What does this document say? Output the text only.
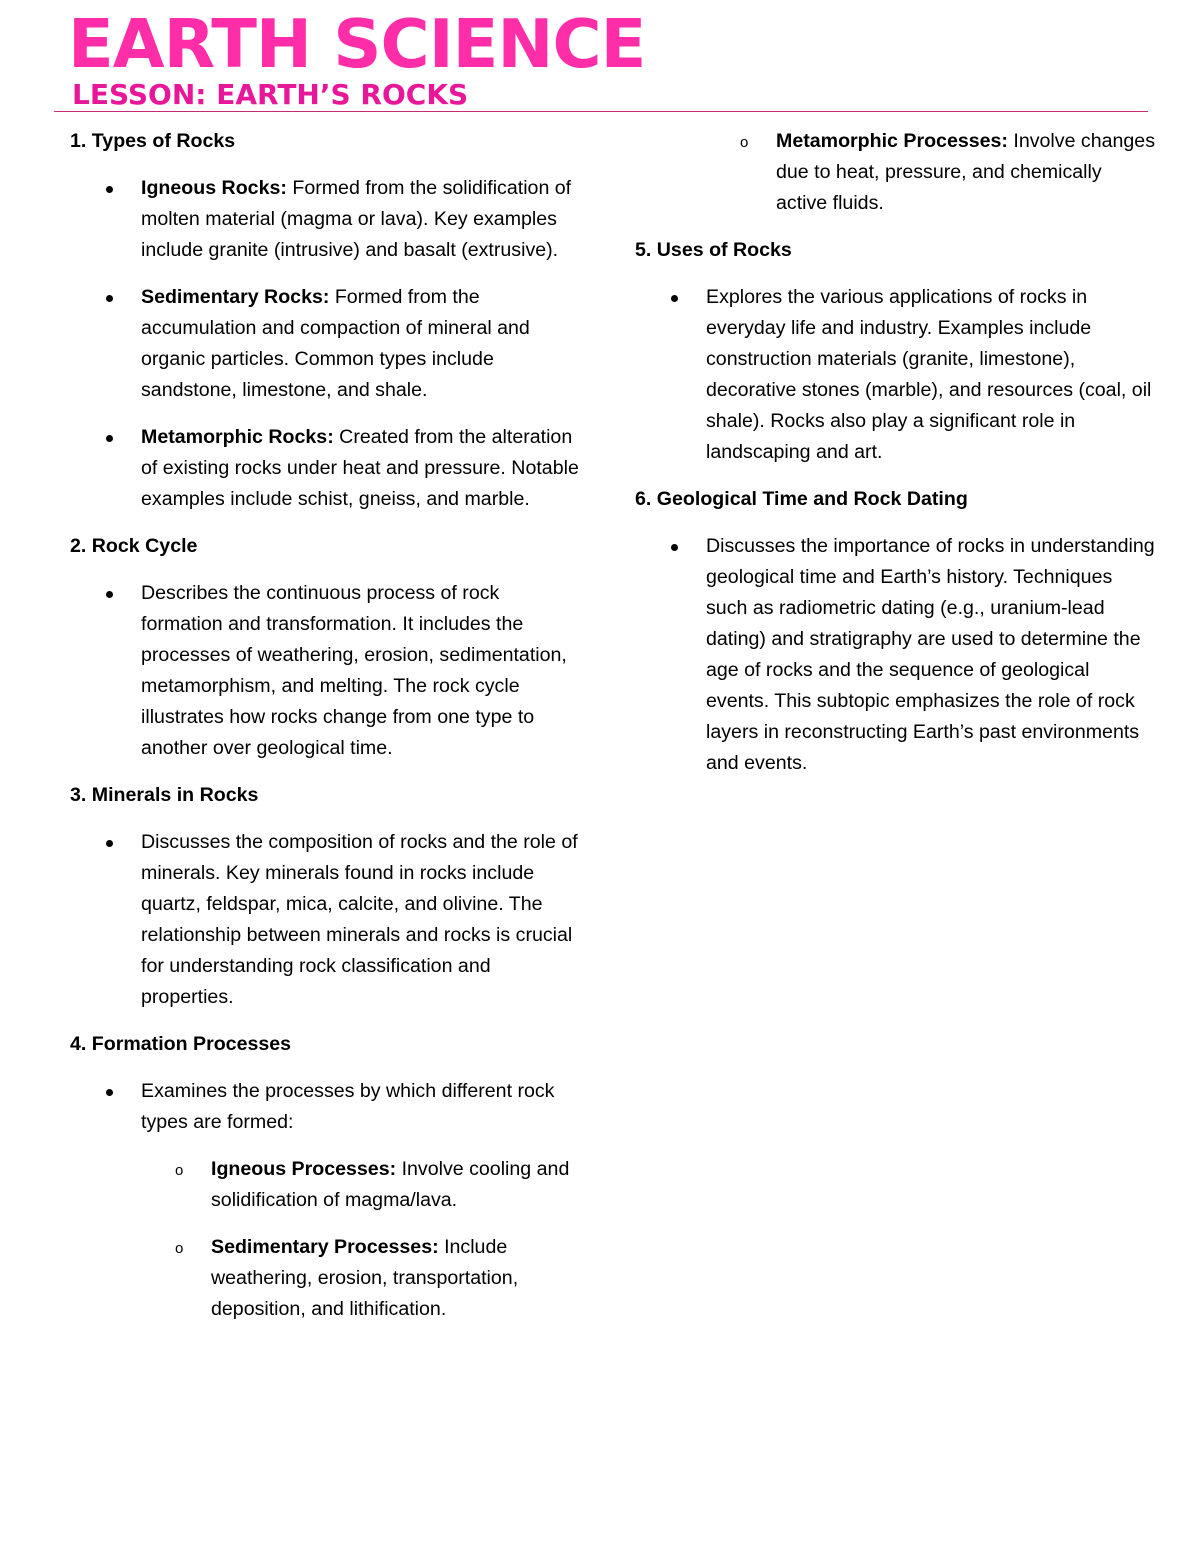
EARTH SCIENCE
LESSON: EARTH’S ROCKS
1. Types of Rocks
Igneous Rocks: Formed from the solidification of molten material (magma or lava). Key examples include granite (intrusive) and basalt (extrusive).
Sedimentary Rocks: Formed from the accumulation and compaction of mineral and organic particles. Common types include sandstone, limestone, and shale.
Metamorphic Rocks: Created from the alteration of existing rocks under heat and pressure. Notable examples include schist, gneiss, and marble.
2. Rock Cycle
Describes the continuous process of rock formation and transformation. It includes the processes of weathering, erosion, sedimentation, metamorphism, and melting. The rock cycle illustrates how rocks change from one type to another over geological time.
3. Minerals in Rocks
Discusses the composition of rocks and the role of minerals. Key minerals found in rocks include quartz, feldspar, mica, calcite, and olivine. The relationship between minerals and rocks is crucial for understanding rock classification and properties.
4. Formation Processes
Examines the processes by which different rock types are formed:
o Igneous Processes: Involve cooling and solidification of magma/lava.
o Sedimentary Processes: Include weathering, erosion, transportation, deposition, and lithification.
o Metamorphic Processes: Involve changes due to heat, pressure, and chemically active fluids.
5. Uses of Rocks
Explores the various applications of rocks in everyday life and industry. Examples include construction materials (granite, limestone), decorative stones (marble), and resources (coal, oil shale). Rocks also play a significant role in landscaping and art.
6. Geological Time and Rock Dating
Discusses the importance of rocks in understanding geological time and Earth’s history. Techniques such as radiometric dating (e.g., uranium-lead dating) and stratigraphy are used to determine the age of rocks and the sequence of geological events. This subtopic emphasizes the role of rock layers in reconstructing Earth’s past environments and events.
